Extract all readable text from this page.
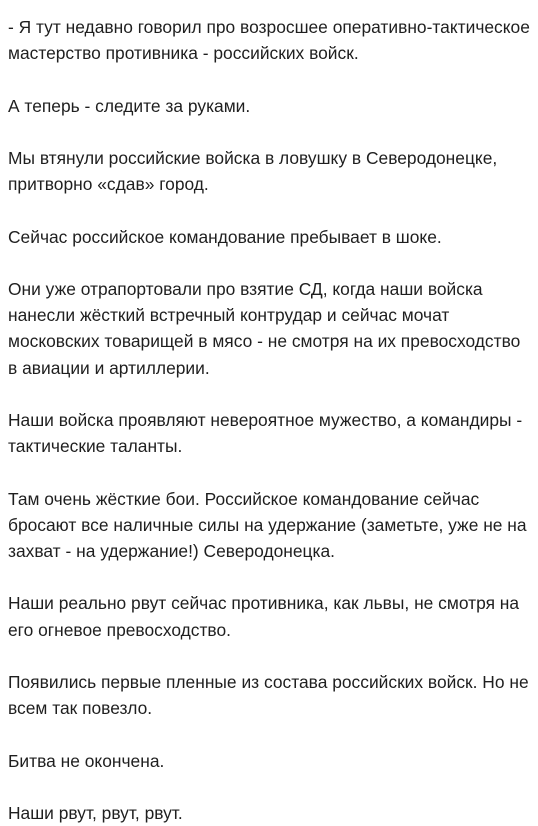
- Я тут недавно говорил про возросшее оперативно-тактическое мастерство противника - российских войск.

А теперь - следите за руками.

Мы втянули российские войска в ловушку в Северодонецке, притворно «сдав» город.

Сейчас российское командование пребывает в шоке.

Они уже отрапортовали про взятие СД, когда наши войска нанесли жёсткий встречный контрудар и сейчас мочат московских товарищей в мясо - не смотря на их превосходство в авиации и артиллерии.

Наши войска проявляют невероятное мужество, а командиры - тактические таланты.

Там очень жёсткие бои. Российское командование сейчас бросают все наличные силы на удержание (заметьте, уже не на захват - на удержание!) Северодонецка.

Наши реально рвут сейчас противника, как львы, не смотря на его огневое превосходство.

Появились первые пленные из состава российских войск. Но не всем так повезло.

Битва не окончена.

Наши рвут, рвут, рвут.
